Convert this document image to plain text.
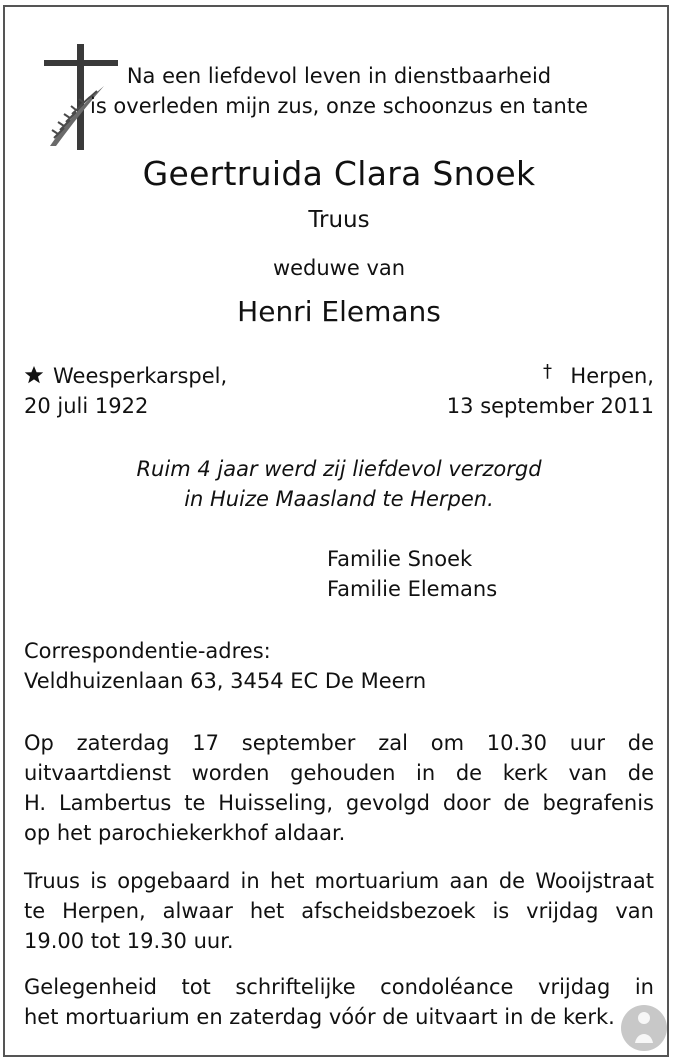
Na een liefdevol leven in dienstbaarheid
is overleden mijn zus, onze schoonzus en tante
Geertruida Clara Snoek
Truus
weduwe van
Henri Elemans
Weesperkarspel,
20 juli 1922
† Herpen,
13 september 2011
Ruim 4 jaar werd zij liefdevol verzorgd
in Huize Maasland te Herpen.
Familie Snoek
Familie Elemans
Correspondentie-adres:
Veldhuizenlaan 63, 3454 EC De Meern
Op zaterdag 17 september zal om 10.30 uur de
uitvaartdienst worden gehouden in de kerk van de
H. Lambertus te Huisseling, gevolgd door de begrafenis
op het parochiekerkhof aldaar.
Truus is opgebaard in het mortuarium aan de Wooijstraat
te Herpen, alwaar het afscheidsbezoek is vrijdag van
19.00 tot 19.30 uur.
Gelegenheid tot schriftelijke condoléance vrijdag in
het mortuarium en zaterdag vóór de uitvaart in de kerk.
